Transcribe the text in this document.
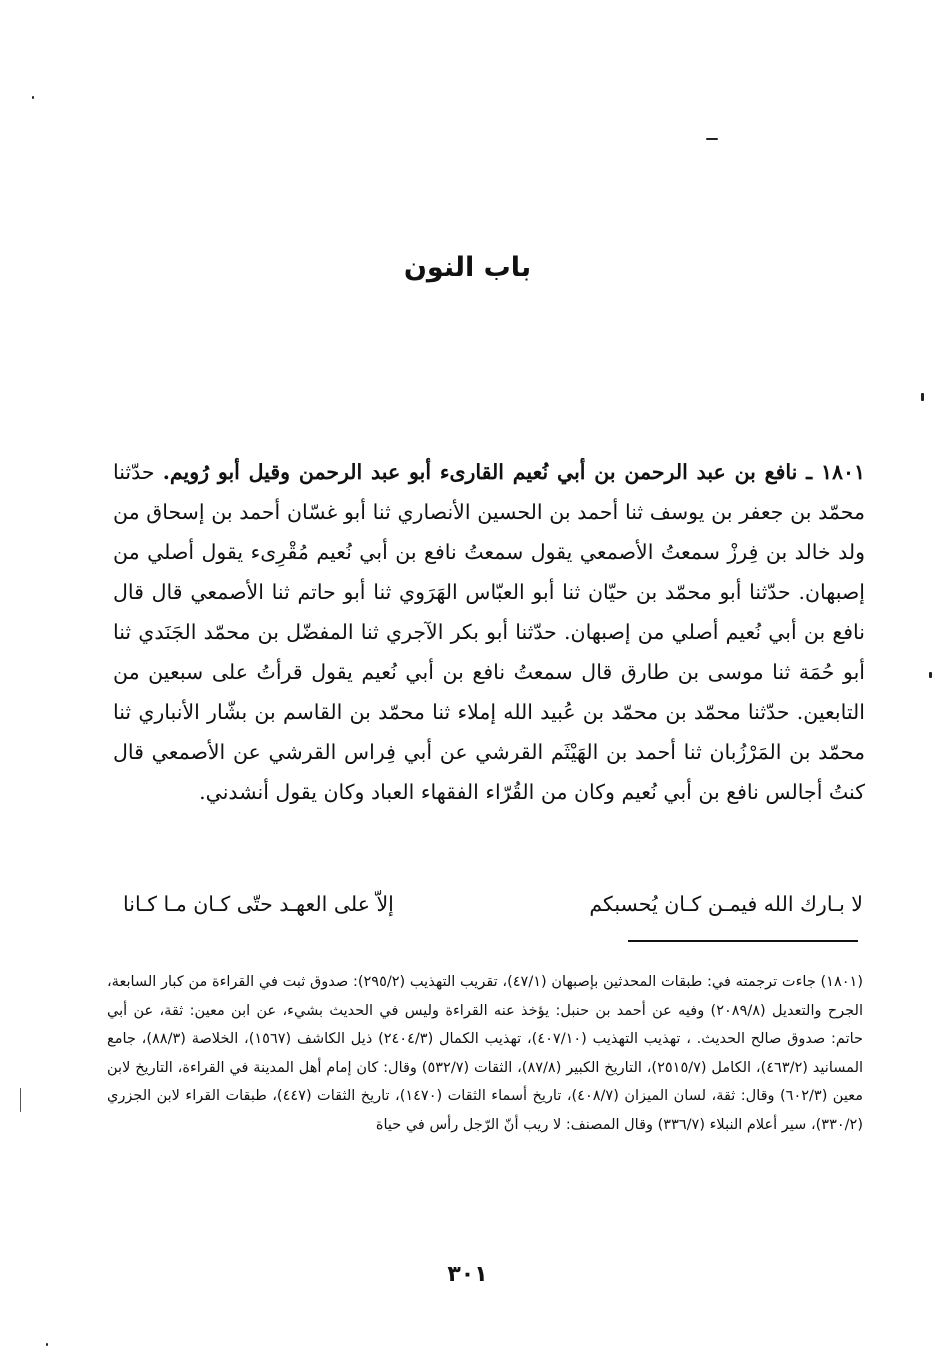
باب النون

١٨٠١ ـ نافع بن عبد الرحمن بن أبي نُعيم القارىء أبو عبد الرحمن وقيل أبو رُويم. حدّثنا محمّد بن جعفر بن يوسف ثنا أحمد بن الحسين الأنصاري ثنا أبو غسّان أحمد بن إسحاق من ولد خالد بن فِرزْ سمعتُ الأصمعي يقول سمعتُ نافع بن أبي نُعيم مُقْرِىء يقول أصلي من إصبهان. حدّثنا أبو محمّد بن حيّان ثنا أبو العبّاس الهَرَوي ثنا أبو حاتم ثنا الأصمعي قال قال نافع بن أبي نُعيم أصلي من إصبهان. حدّثنا أبو بكر الآجري ثنا المفضّل بن محمّد الجَنَدي ثنا أبو حُمَة ثنا موسى بن طارق قال سمعتُ نافع بن أبي نُعيم يقول قرأتُ على سبعين من التابعين. حدّثنا محمّد بن محمّد بن عُبيد الله إملاء ثنا محمّد بن القاسم بن بشّار الأنباري ثنا محمّد بن المَرْزُبان ثنا أحمد بن الهَيْثَم القرشي عن أبي فِراس القرشي عن الأصمعي قال كنتُ أجالس نافع بن أبي نُعيم وكان من القُرّاء الفقهاء العباد وكان يقول أنشدني.

لا بـارك الله فيمـن كـان يُحسبكم
إلاّ على العهـد حتّى كـان مـا كـانا

(١٨٠١) جاءت ترجمته في: طبقات المحدثين بإصبهان (٤٧/١)، تقريب التهذيب (٢٩٥/٢): صدوق ثبت في القراءة من كبار السابعة، الجرح والتعديل (٢٠٨٩/٨) وفيه عن أحمد بن حنبل: يؤخذ عنه القراءة وليس في الحديث بشيء، عن ابن معين: ثقة، عن أبي حاتم: صدوق صالح الحديث. ، تهذيب التهذيب (٤٠٧/١٠)، تهذيب الكمال (٢٤٠٤/٣) ذيل الكاشف (١٥٦٧)، الخلاصة (٨٨/٣)، جامع المسانيد (٤٦٣/٢)، الكامل (٢٥١٥/٧)، التاريخ الكبير (٨٧/٨)، الثقات (٥٣٢/٧) وقال: كان إمام أهل المدينة في القراءة، التاريخ لابن معين (٦٠٢/٣) وقال: ثقة، لسان الميزان (٤٠٨/٧)، تاريخ أسماء الثقات (١٤٧٠)، تاريخ الثقات (٤٤٧)، طبقات القراء لابن الجزري (٣٣٠/٢)، سير أعلام النبلاء (٣٣٦/٧) وقال المصنف: لا ريب أنّ الرّجل رأس في حياة

٣٠١
